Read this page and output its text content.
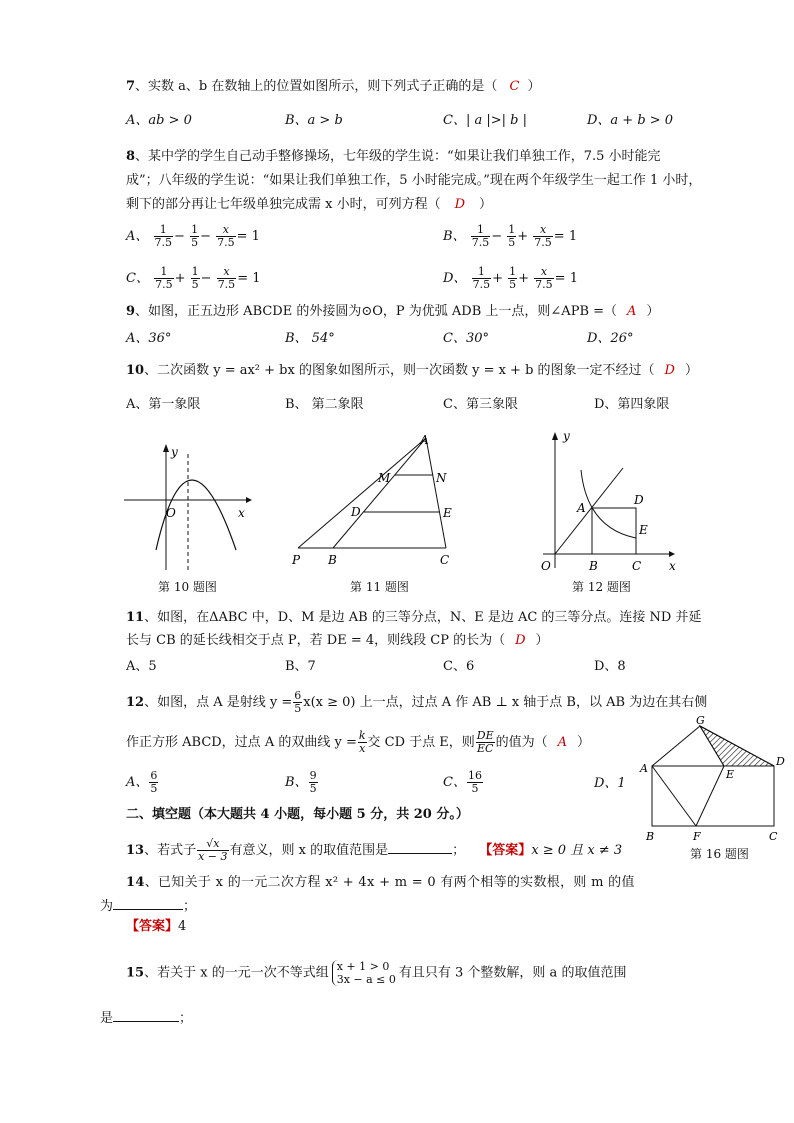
7、实数 a、b 在数轴上的位置如图所示，则下列式子正确的是（ C ）
A、ab > 0	B、a > b	C、| a |>| b |	D、a + b > 0
8、某中学的学生自己动手整修操场，七年级的学生说：“如果让我们单独工作，7.5 小时能完
成”；八年级的学生说：“如果让我们单独工作，5 小时能完成。”现在两个年级学生一起工作 1 小时，
剩下的部分再让七年级单独完成需 x 小时，可列方程（ D ）
A、 $\frac{1}{7.5} - \frac{1}{5} - \frac{x}{7.5} = 1$	B、 $\frac{1}{7.5} - \frac{1}{5} + \frac{x}{7.5} = 1$
C、 $\frac{1}{7.5} + \frac{1}{5} - \frac{x}{7.5} = 1$	D、 $\frac{1}{7.5} + \frac{1}{5} + \frac{x}{7.5} = 1$
9、如图，正五边形 ABCDE 的外接圆为⊙O，P 为优弧 ADB 上一点，则∠APB =（ A ）
A、36°	B、 54°	C、30°	D、26°
10、二次函数 y = ax² + bx 的图象如图所示，则一次函数 y = x + b 的图象一定不经过（ D ）
A、第一象限	B、 第二象限	C、第三象限	D、第四象限
y
x
O
第 10 题图
A
M	N
D	E
P B	C
第 11 题图
y
x
O
A
B	C
D
E
第 12 题图
11、如图，在ΔABC 中，D、M 是边 AB 的三等分点，N、E 是边 AC 的三等分点。连接 ND 并延
长与 CB 的延长线相交于点 P，若 DE = 4，则线段 CP 的长为（ D ）
A、5	B、7	C、6	D、8
12、如图，点 A 是射线 $y = \frac{6}{5} x(x \ge 0)$ 上一点，过点 A 作 AB ⊥ x 轴于点 B，以 AB 为边在其右侧
作正方形 ABCD，过点 A 的双曲线 $y = \frac{k}{x}$ 交 CD 于点 E，则 $\frac{DE}{EC}$ 的值为（ A ）
A、 $\frac{6}{5}$	B、 $\frac{9}{5}$	C、 $\frac{16}{5}$	D、1
G
A
D
E
B	F	C
第 16 题图
二、填空题（本大题共 4 小题，每小题 5 分，共 20 分。）
13、若式子 $\frac{√x}{x - 3}$ 有意义，则 x 的取值范围是	； 【答案】x ≥ 0 且 x ≠ 3
14、已知关于 x 的一元二次方程 x² + 4x + m = 0 有两个相等的实数根，则 m 的值
为	；
【答案】4
15、若关于 x 的一元一次不等式组 x + 1 > 0
3x − a ≤ 0 有且只有 3 个整数解，则 a 的取值范围
是	；
